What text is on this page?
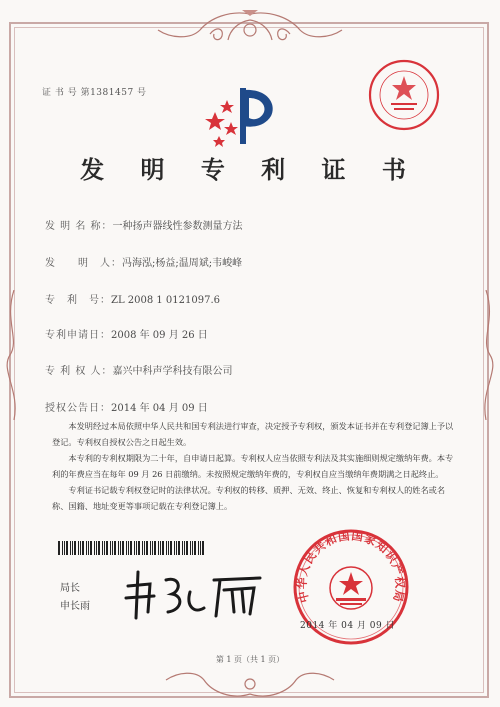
证 书 号 第1381457 号
发 明 专 利 证 书
发 明 名 称：一种扬声器线性参数测量方法
发　　明　人：冯海泓;杨益;温周斌;韦峻峰
专　利　号：ZL 2008 1 0121097.6
专利申请日：2008 年 09 月 26 日
专 利 权 人：嘉兴中科声学科技有限公司
授权公告日：2014 年 04 月 09 日

本发明经过本局依照中华人民共和国专利法进行审查，决定授予专利权，颁发本证书并在专利登记簿上予以登记。专利权自授权公告之日起生效。

本专利的专利权期限为二十年，自申请日起算。专利权人应当依照专利法及其实施细则规定缴纳年费。本专利的年费应当在每年 09 月 26 日前缴纳。未按照规定缴纳年费的，专利权自应当缴纳年费期满之日起终止。

专利证书记载专利权登记时的法律状况。专利权的转移、质押、无效、终止、恢复和专利权人的姓名或名称、国籍、地址变更等事项记载在专利登记簿上。

局长
申长雨
中华人民共和国国家知识产权局
2014 年 04 月 09 日
第 1 页（共 1 页）
